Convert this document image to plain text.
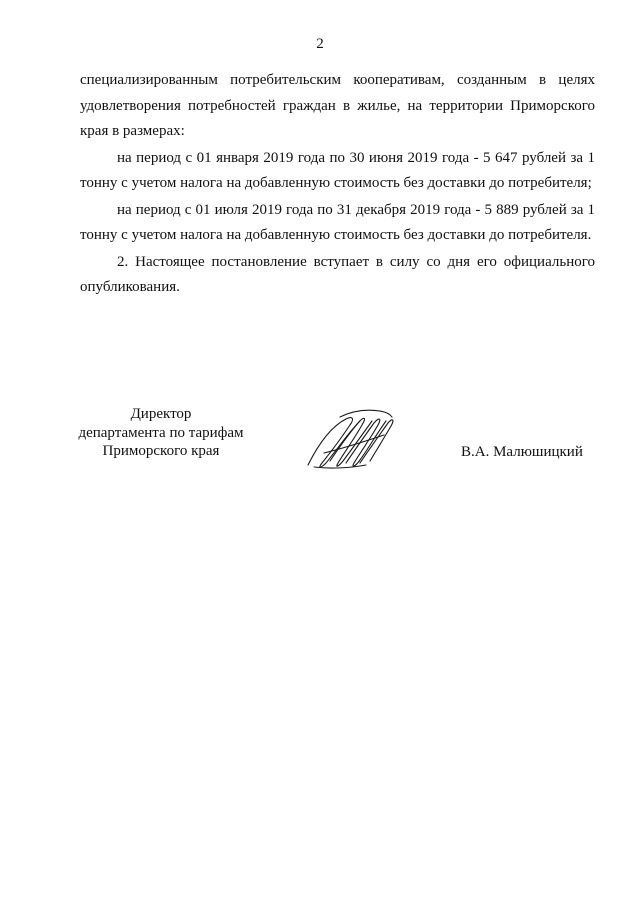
2

специализированным потребительским кооперативам, созданным в целях удовлетворения потребностей граждан в жилье, на территории Приморского края в размерах:

на период с 01 января 2019 года по 30 июня 2019 года - 5 647 рублей за 1 тонну с учетом налога на добавленную стоимость без доставки до потребителя;

на период с 01 июля 2019 года по 31 декабря 2019 года - 5 889 рублей за 1 тонну с учетом налога на добавленную стоимость без доставки до потребителя.

2. Настоящее постановление вступает в силу со дня его официального опубликования.

Директор
департамента по тарифам
Приморского края	В.А. Малюшицкий
